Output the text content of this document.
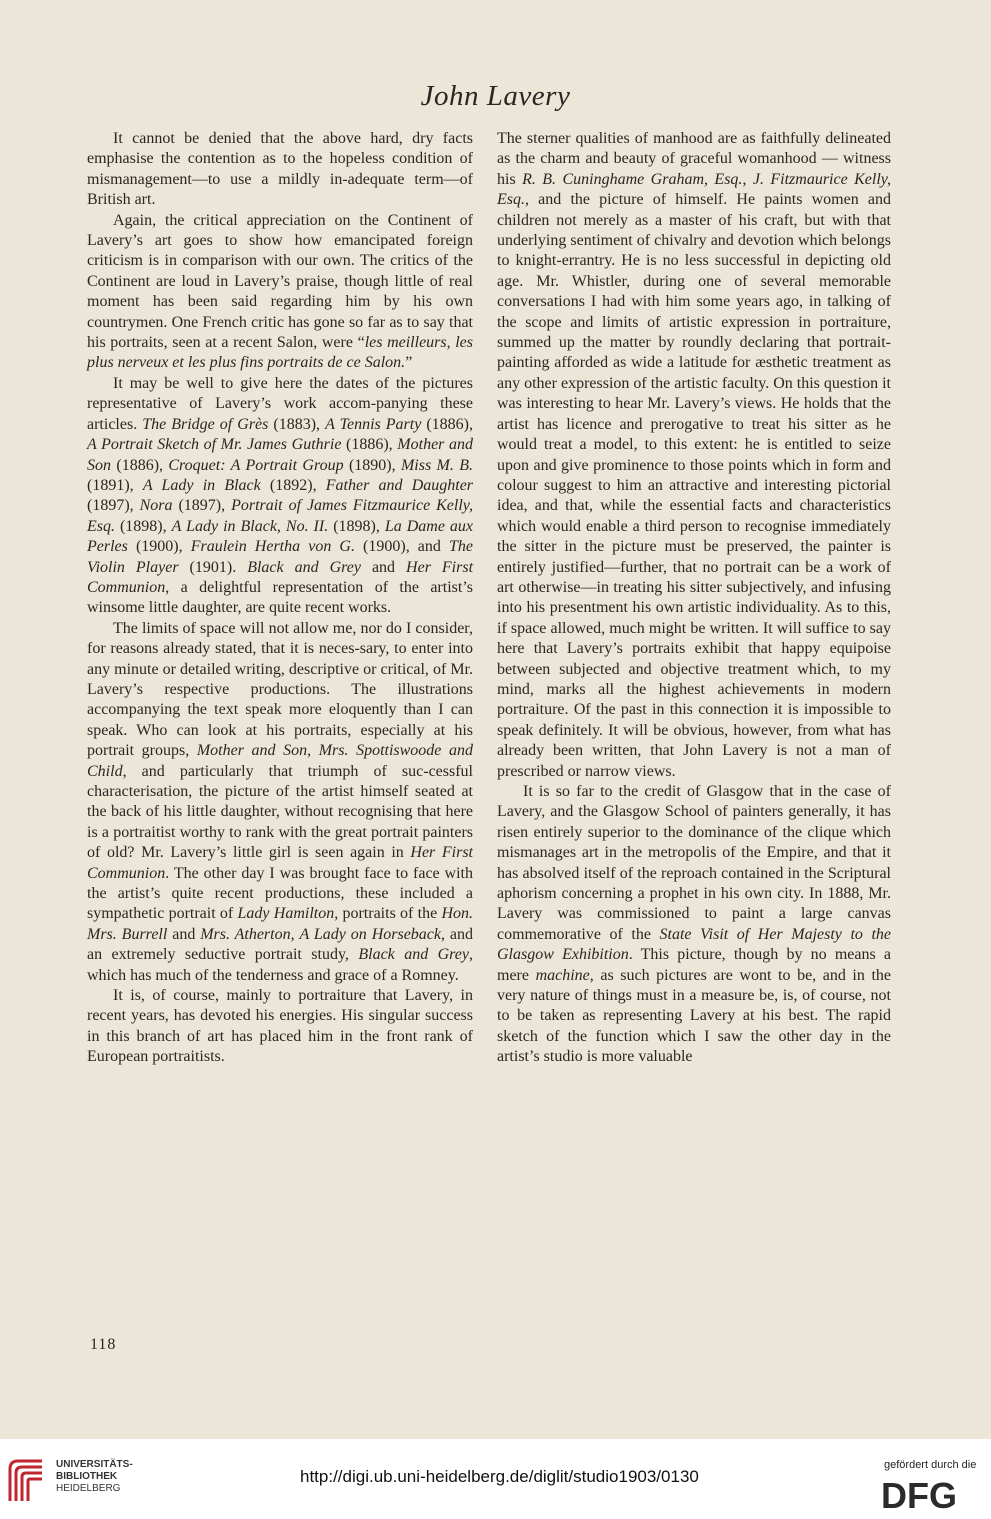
John Lavery

It cannot be denied that the above hard, dry facts emphasise the contention as to the hopeless condition of mismanagement—to use a mildly in-adequate term—of British art.

Again, the critical appreciation on the Continent of Lavery’s art goes to show how emancipated foreign criticism is in comparison with our own. The critics of the Continent are loud in Lavery’s praise, though little of real moment has been said regarding him by his own countrymen. One French critic has gone so far as to say that his portraits, seen at a recent Salon, were “les meilleurs, les plus nerveux et les plus fins portraits de ce Salon.”

It may be well to give here the dates of the pictures representative of Lavery’s work accom-panying these articles. The Bridge of Grès (1883), A Tennis Party (1886), A Portrait Sketch of Mr. James Guthrie (1886), Mother and Son (1886), Croquet: A Portrait Group (1890), Miss M. B. (1891), A Lady in Black (1892), Father and Daughter (1897), Nora (1897), Portrait of James Fitzmaurice Kelly, Esq. (1898), A Lady in Black, No. II. (1898), La Dame aux Perles (1900), Fraulein Hertha von G. (1900), and The Violin Player (1901). Black and Grey and Her First Communion, a delightful representation of the artist’s winsome little daughter, are quite recent works.

The limits of space will not allow me, nor do I consider, for reasons already stated, that it is neces-sary, to enter into any minute or detailed writing, descriptive or critical, of Mr. Lavery’s respective productions. The illustrations accompanying the text speak more eloquently than I can speak. Who can look at his portraits, especially at his portrait groups, Mother and Son, Mrs. Spottiswoode and Child, and particularly that triumph of suc-cessful characterisation, the picture of the artist himself seated at the back of his little daughter, without recognising that here is a portraitist worthy to rank with the great portrait painters of old? Mr. Lavery’s little girl is seen again in Her First Communion. The other day I was brought face to face with the artist’s quite recent productions, these included a sympathetic portrait of Lady Hamilton, portraits of the Hon. Mrs. Burrell and Mrs. Atherton, A Lady on Horseback, and an extremely seductive portrait study, Black and Grey, which has much of the tenderness and grace of a Romney.

It is, of course, mainly to portraiture that Lavery, in recent years, has devoted his energies. His singular success in this branch of art has placed him in the front rank of European portraitists.

The sterner qualities of manhood are as faithfully delineated as the charm and beauty of graceful womanhood — witness his R. B. Cuninghame Graham, Esq., J. Fitzmaurice Kelly, Esq., and the picture of himself. He paints women and children not merely as a master of his craft, but with that underlying sentiment of chivalry and devotion which belongs to knight-errantry. He is no less successful in depicting old age. Mr. Whistler, during one of several memorable conversations I had with him some years ago, in talking of the scope and limits of artistic expression in portraiture, summed up the matter by roundly declaring that portrait-painting afforded as wide a latitude for æsthetic treatment as any other expression of the artistic faculty. On this question it was interesting to hear Mr. Lavery’s views. He holds that the artist has licence and prerogative to treat his sitter as he would treat a model, to this extent: he is entitled to seize upon and give prominence to those points which in form and colour suggest to him an attractive and interesting pictorial idea, and that, while the essential facts and characteristics which would enable a third person to recognise immediately the sitter in the picture must be preserved, the painter is entirely justified—further, that no portrait can be a work of art otherwise—in treating his sitter subjectively, and infusing into his presentment his own artistic individuality. As to this, if space allowed, much might be written. It will suffice to say here that Lavery’s portraits exhibit that happy equipoise between subjected and objective treatment which, to my mind, marks all the highest achievements in modern portraiture. Of the past in this connection it is impossible to speak definitely. It will be obvious, however, from what has already been written, that John Lavery is not a man of prescribed or narrow views.

It is so far to the credit of Glasgow that in the case of Lavery, and the Glasgow School of painters generally, it has risen entirely superior to the dominance of the clique which mismanages art in the metropolis of the Empire, and that it has absolved itself of the reproach contained in the Scriptural aphorism concerning a prophet in his own city. In 1888, Mr. Lavery was commissioned to paint a large canvas commemorative of the State Visit of Her Majesty to the Glasgow Exhibition. This picture, though by no means a mere machine, as such pictures are wont to be, and in the very nature of things must in a measure be, is, of course, not to be taken as representing Lavery at his best. The rapid sketch of the function which I saw the other day in the artist’s studio is more valuable

118
UNIVERSITÄTS-
BIBLIOTHEK
HEIDELBERG
http://digi.ub.uni-heidelberg.de/diglit/studio1903/0130
gefördert durch die
DFG
